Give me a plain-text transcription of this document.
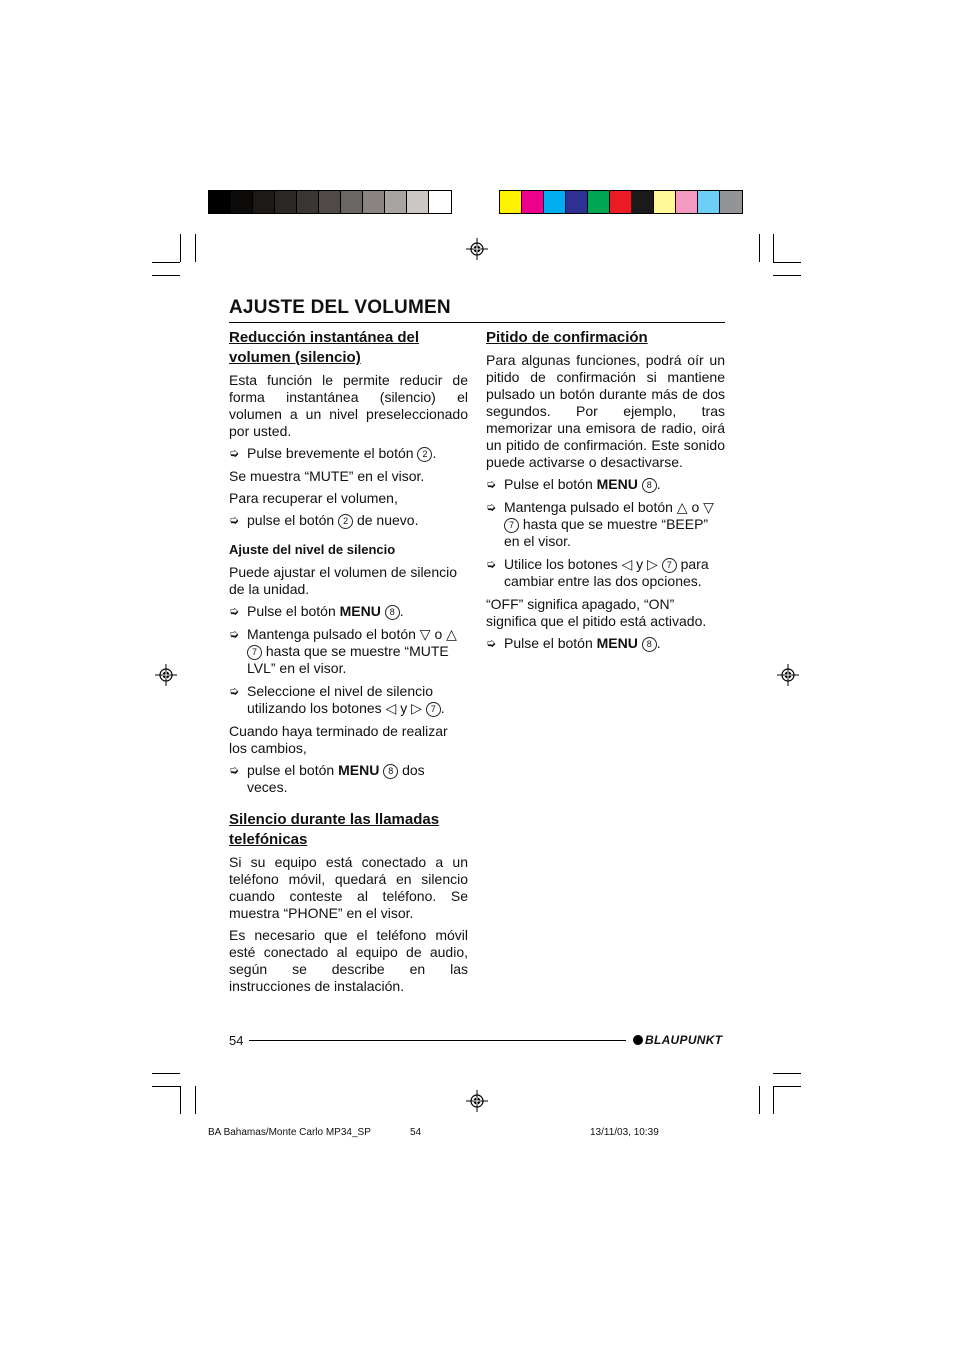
AJUSTE DEL VOLUMEN
Reducción instantánea del volumen (silencio)

Esta función le permite reducir de forma instantánea (silencio) el volumen a un nivel preseleccionado por usted.

➭ Pulse brevemente el botón 2 .

Se muestra “MUTE” en el visor.

Para recuperar el volumen,

➭ pulse el botón 2 de nuevo.
Ajuste del nivel de silencio

Puede ajustar el volumen de silencio de la unidad.

➭ Pulse el botón MENU 8 .
➭ Mantenga pulsado el botón ▽ o △ 7 hasta que se muestre “MUTE LVL” en el visor.
➭ Seleccione el nivel de silencio utilizando los botones ◁ y ▷ 7 .

Cuando haya terminado de realizar los cambios,

➭ pulse el botón MENU 8 dos veces.
Silencio durante las llamadas telefónicas

Si su equipo está conectado a un teléfono móvil, quedará en silencio cuando conteste al teléfono. Se muestra “PHONE” en el visor.

Es necesario que el teléfono móvil esté conectado al equipo de audio, según se describe en las instrucciones de instalación.

Pitido de confirmación

Para algunas funciones, podrá oír un pitido de confirmación si mantiene pulsado un botón durante más de dos segundos. Por ejemplo, tras memorizar una emisora de radio, oirá un pitido de confirmación. Este sonido puede activarse o desactivarse.

➭ Pulse el botón MENU 8 .
➭ Mantenga pulsado el botón △ o ▽ 7 hasta que se muestre “BEEP” en el visor.
➭ Utilice los botones ◁ y ▷ 7 para cambiar entre las dos opciones.

“OFF” significa apagado, “ON” significa que el pitido está activado.

➭ Pulse el botón MENU 8 .
54	BLAUPUNKT
BA Bahamas/Monte Carlo MP34_SP	54	13/11/03, 10:39
